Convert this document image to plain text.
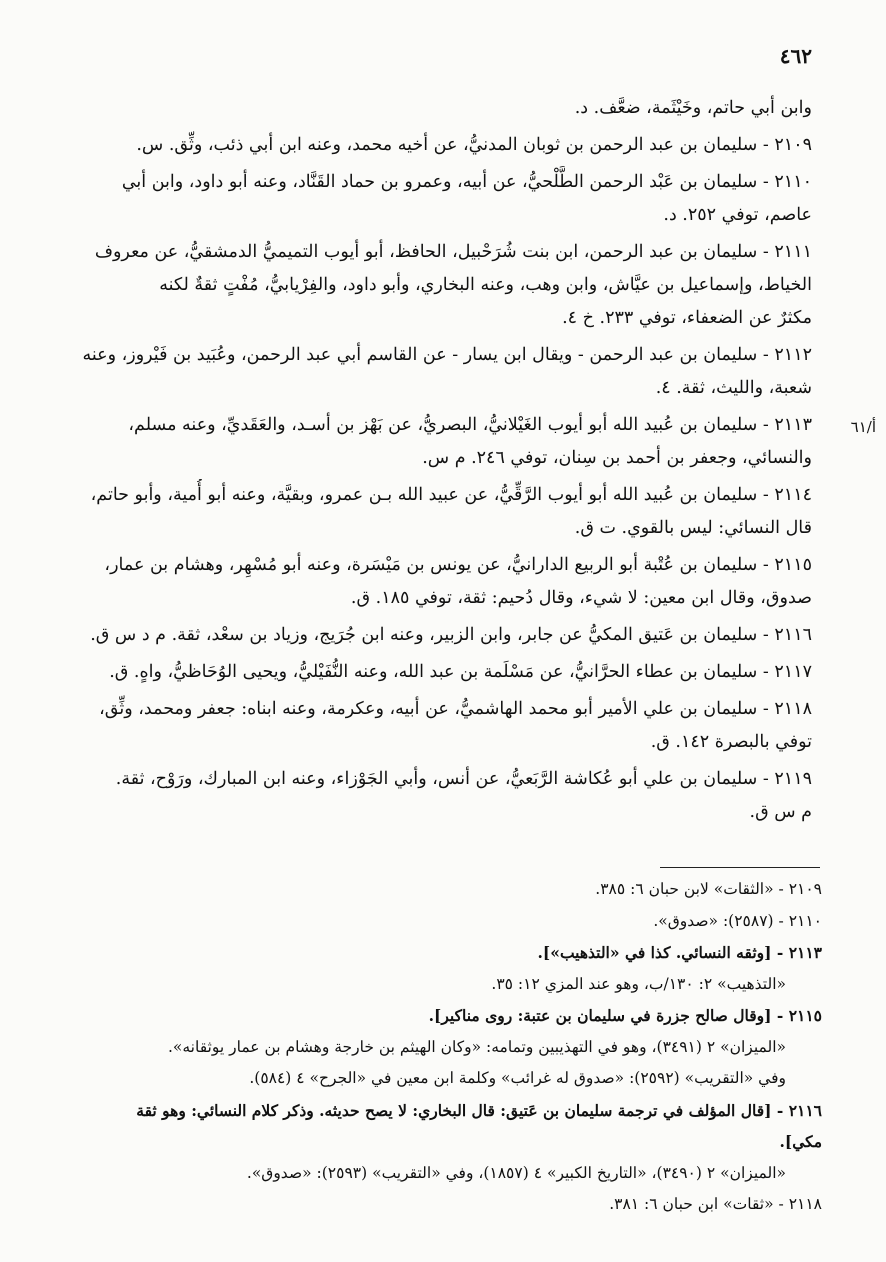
٤٦٢
أ/٦١
وابن أبي حاتم، وخَيْثَمة، ضعَّف. د.
٢١٠٩ - سليمان بن عبد الرحمن بن ثوبان المدنيُّ، عن أخيه محمد، وعنه ابن أبي ذئب، وثِّق. س.
٢١١٠ - سليمان بن عَبْد الرحمن الطَّلْحيُّ، عن أبيه، وعمرو بن حماد القَنَّاد، وعنه أبو داود، وابن أبي
عاصم، توفي ٢٥٢. د.
٢١١١ - سليمان بن عبد الرحمن، ابن بنت شُرَحْبيل، الحافظ، أبو أيوب التميميُّ الدمشقيُّ، عن معروف
الخياط، وإسماعيل بن عيَّاش، وابن وهب، وعنه البخاري، وأبو داود، والفِرْيابيُّ، مُفْتٍ ثقةٌ لكنه
مكثرٌ عن الضعفاء، توفي ٢٣٣. خ ٤.
٢١١٢ - سليمان بن عبد الرحمن - ويقال ابن يسار - عن القاسم أبي عبد الرحمن، وعُبَيد بن فَيْروز، وعنه
شعبة، والليث، ثقة. ٤.
٢١١٣ - سليمان بن عُبيد الله أبو أيوب الغَيْلانيُّ، البصريُّ، عن بَهْز بن أسـد، والعَقَديِّ، وعنه مسلم،
والنسائي، وجعفر بن أحمد بن سِنان، توفي ٢٤٦. م س.
٢١١٤ - سليمان بن عُبيد الله أبو أيوب الرَّقِّيُّ، عن عبيد الله بـن عمرو، وبقيَّة، وعنه أبو أُمية، وأبو حاتم،
قال النسائي: ليس بالقوي. ت ق.
٢١١٥ - سليمان بن عُتْبة أبو الربيع الدارانيُّ، عن يونس بن مَيْسَرة، وعنه أبو مُسْهِر، وهشام بن عمار،
صدوق، وقال ابن معين: لا شيء، وقال دُحيم: ثقة، توفي ١٨٥. ق.
٢١١٦ - سليمان بن عَتيق المكيُّ عن جابر، وابن الزبير، وعنه ابن جُرَيج، وزياد بن سعْد، ثقة. م د س ق.
٢١١٧ - سليمان بن عطاء الحرَّانيُّ، عن مَسْلَمة بن عبد الله، وعنه النُّفَيْليُّ، ويحيى الوُحَاظيُّ، واهٍ. ق.
٢١١٨ - سليمان بن علي الأمير أبو محمد الهاشميُّ، عن أبيه، وعكرمة، وعنه ابناه: جعفر ومحمد، وثِّق،
توفي بالبصرة ١٤٢. ق.
٢١١٩ - سليمان بن علي أبو عُكاشة الرَّبَعيُّ، عن أنس، وأبي الجَوْزاء، وعنه ابن المبارك، ورَوْح، ثقة.
م س ق.
٢١٠٩ - «الثقات» لابن حبان ٦: ٣٨٥.
٢١١٠ - (٢٥٨٧): «صدوق».
٢١١٣ - [وثقه النسائي. كذا في «التذهيب»].
«التذهيب» ٢: ١٣٠/ب، وهو عند المزي ١٢: ٣٥.
٢١١٥ - [وقال صالح جزرة في سليمان بن عتبة: روى مناكير].
«الميزان» ٢ (٣٤٩١)، وهو في التهذيبين وتمامه: «وكان الهيثم بن خارجة وهشام بن عمار يوثقانه».
وفي «التقريب» (٢٥٩٢): «صدوق له غرائب» وكلمة ابن معين في «الجرح» ٤ (٥٨٤).
٢١١٦ - [قال المؤلف في ترجمة سليمان بن عَتيق: قال البخاري: لا يصح حديثه. وذكر كلام النسائي: وهو ثقة
مكي].
«الميزان» ٢ (٣٤٩٠)، «التاريخ الكبير» ٤ (١٨٥٧)، وفي «التقريب» (٢٥٩٣): «صدوق».
٢١١٨ - «ثقات» ابن حبان ٦: ٣٨١.
